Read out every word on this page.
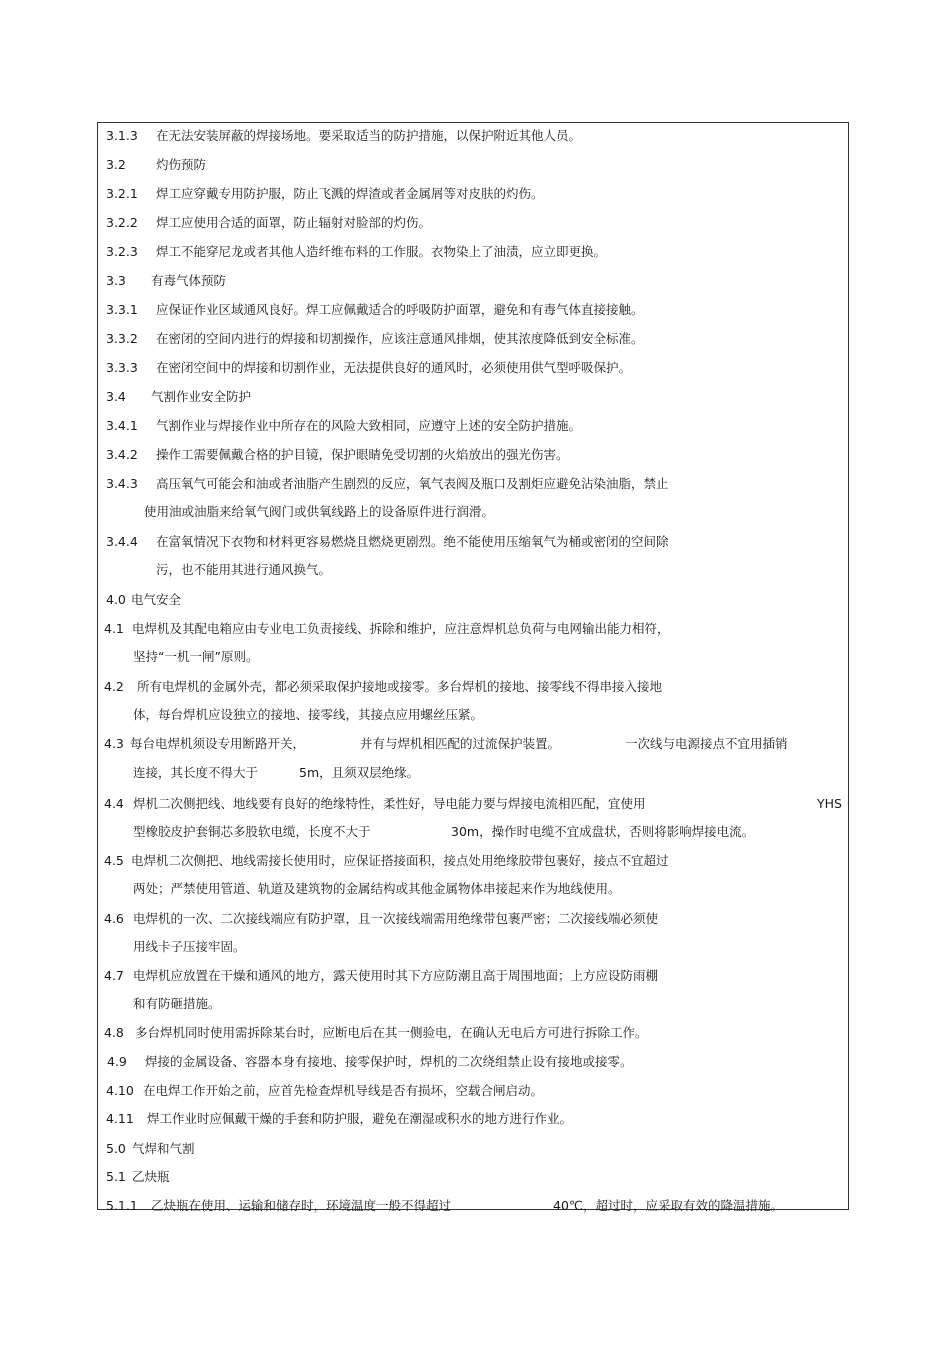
3.1.3 在无法安装屏蔽的焊接场地。要采取适当的防护措施，以保护附近其他人员。
3.2 灼伤预防
3.2.1 焊工应穿戴专用防护服，防止飞溅的焊渣或者金属屑等对皮肤的灼伤。
3.2.2 焊工应使用合适的面罩，防止辐射对脸部的灼伤。
3.2.3 焊工不能穿尼龙或者其他人造纤维布料的工作服。衣物染上了油渍，应立即更换。
3.3 有毒气体预防
3.3.1 应保证作业区域通风良好。焊工应佩戴适合的呼吸防护面罩，避免和有毒气体直接接触。
3.3.2 在密闭的空间内进行的焊接和切割操作，应该注意通风排烟，使其浓度降低到安全标准。
3.3.3 在密闭空间中的焊接和切割作业，无法提供良好的通风时，必须使用供气型呼吸保护。
3.4 气割作业安全防护
3.4.1 气割作业与焊接作业中所存在的风险大致相同，应遵守上述的安全防护措施。
3.4.2 操作工需要佩戴合格的护目镜，保护眼睛免受切割的火焰放出的强光伤害。
3.4.3 高压氧气可能会和油或者油脂产生剧烈的反应，氧气表阀及瓶口及割炬应避免沾染油脂，禁止
使用油或油脂来给氧气阀门或供氧线路上的设备原件进行润滑。
3.4.4 在富氧情况下衣物和材料更容易燃烧且燃烧更剧烈。绝不能使用压缩氧气为桶或密闭的空间除
污，也不能用其进行通风换气。
4.0 电气安全
4.1 电焊机及其配电箱应由专业电工负责接线、拆除和维护，应注意焊机总负荷与电网输出能力相符，
坚持“一机一闸”原则。
4.2 所有电焊机的金属外壳，都必须采取保护接地或接零。多台焊机的接地、接零线不得串接入接地
体，每台焊机应设独立的接地、接零线，其接点应用螺丝压紧。
4.3 每台电焊机须设专用断路开关，	并有与焊机相匹配的过流保护装置。	一次线与电源接点不宜用插销
连接，其长度不得大于	5m，且须双层绝缘。
4.4 焊机二次侧把线、地线要有良好的绝缘特性，柔性好，导电能力要与焊接电流相匹配，宜使用	YHS
型橡胶皮护套铜芯多股软电缆，长度不大于	30m，操作时电缆不宜成盘状，否则将影响焊接电流。
4.5 电焊机二次侧把、地线需接长使用时，应保证搭接面积，接点处用绝缘胶带包裹好，接点不宜超过
两处；严禁使用管道、轨道及建筑物的金属结构或其他金属物体串接起来作为地线使用。
4.6 电焊机的一次、二次接线端应有防护罩，且一次接线端需用绝缘带包裹严密；二次接线端必须使
用线卡子压接牢固。
4.7 电焊机应放置在干燥和通风的地方，露天使用时其下方应防潮且高于周围地面；上方应设防雨棚
和有防砸措施。
4.8 多台焊机同时使用需拆除某台时，应断电后在其一侧验电，在确认无电后方可进行拆除工作。
4.9 焊接的金属设备、容器本身有接地、接零保护时，焊机的二次绕组禁止设有接地或接零。
4.10 在电焊工作开始之前，应首先检查焊机导线是否有损坏，空载合闸启动。
4.11 焊工作业时应佩戴干燥的手套和防护服，避免在潮湿或积水的地方进行作业。
5.0 气焊和气割
5.1 乙炔瓶
5.1.1 乙炔瓶在使用、运输和储存时，环境温度一般不得超过	40℃，超过时，应采取有效的降温措施。
